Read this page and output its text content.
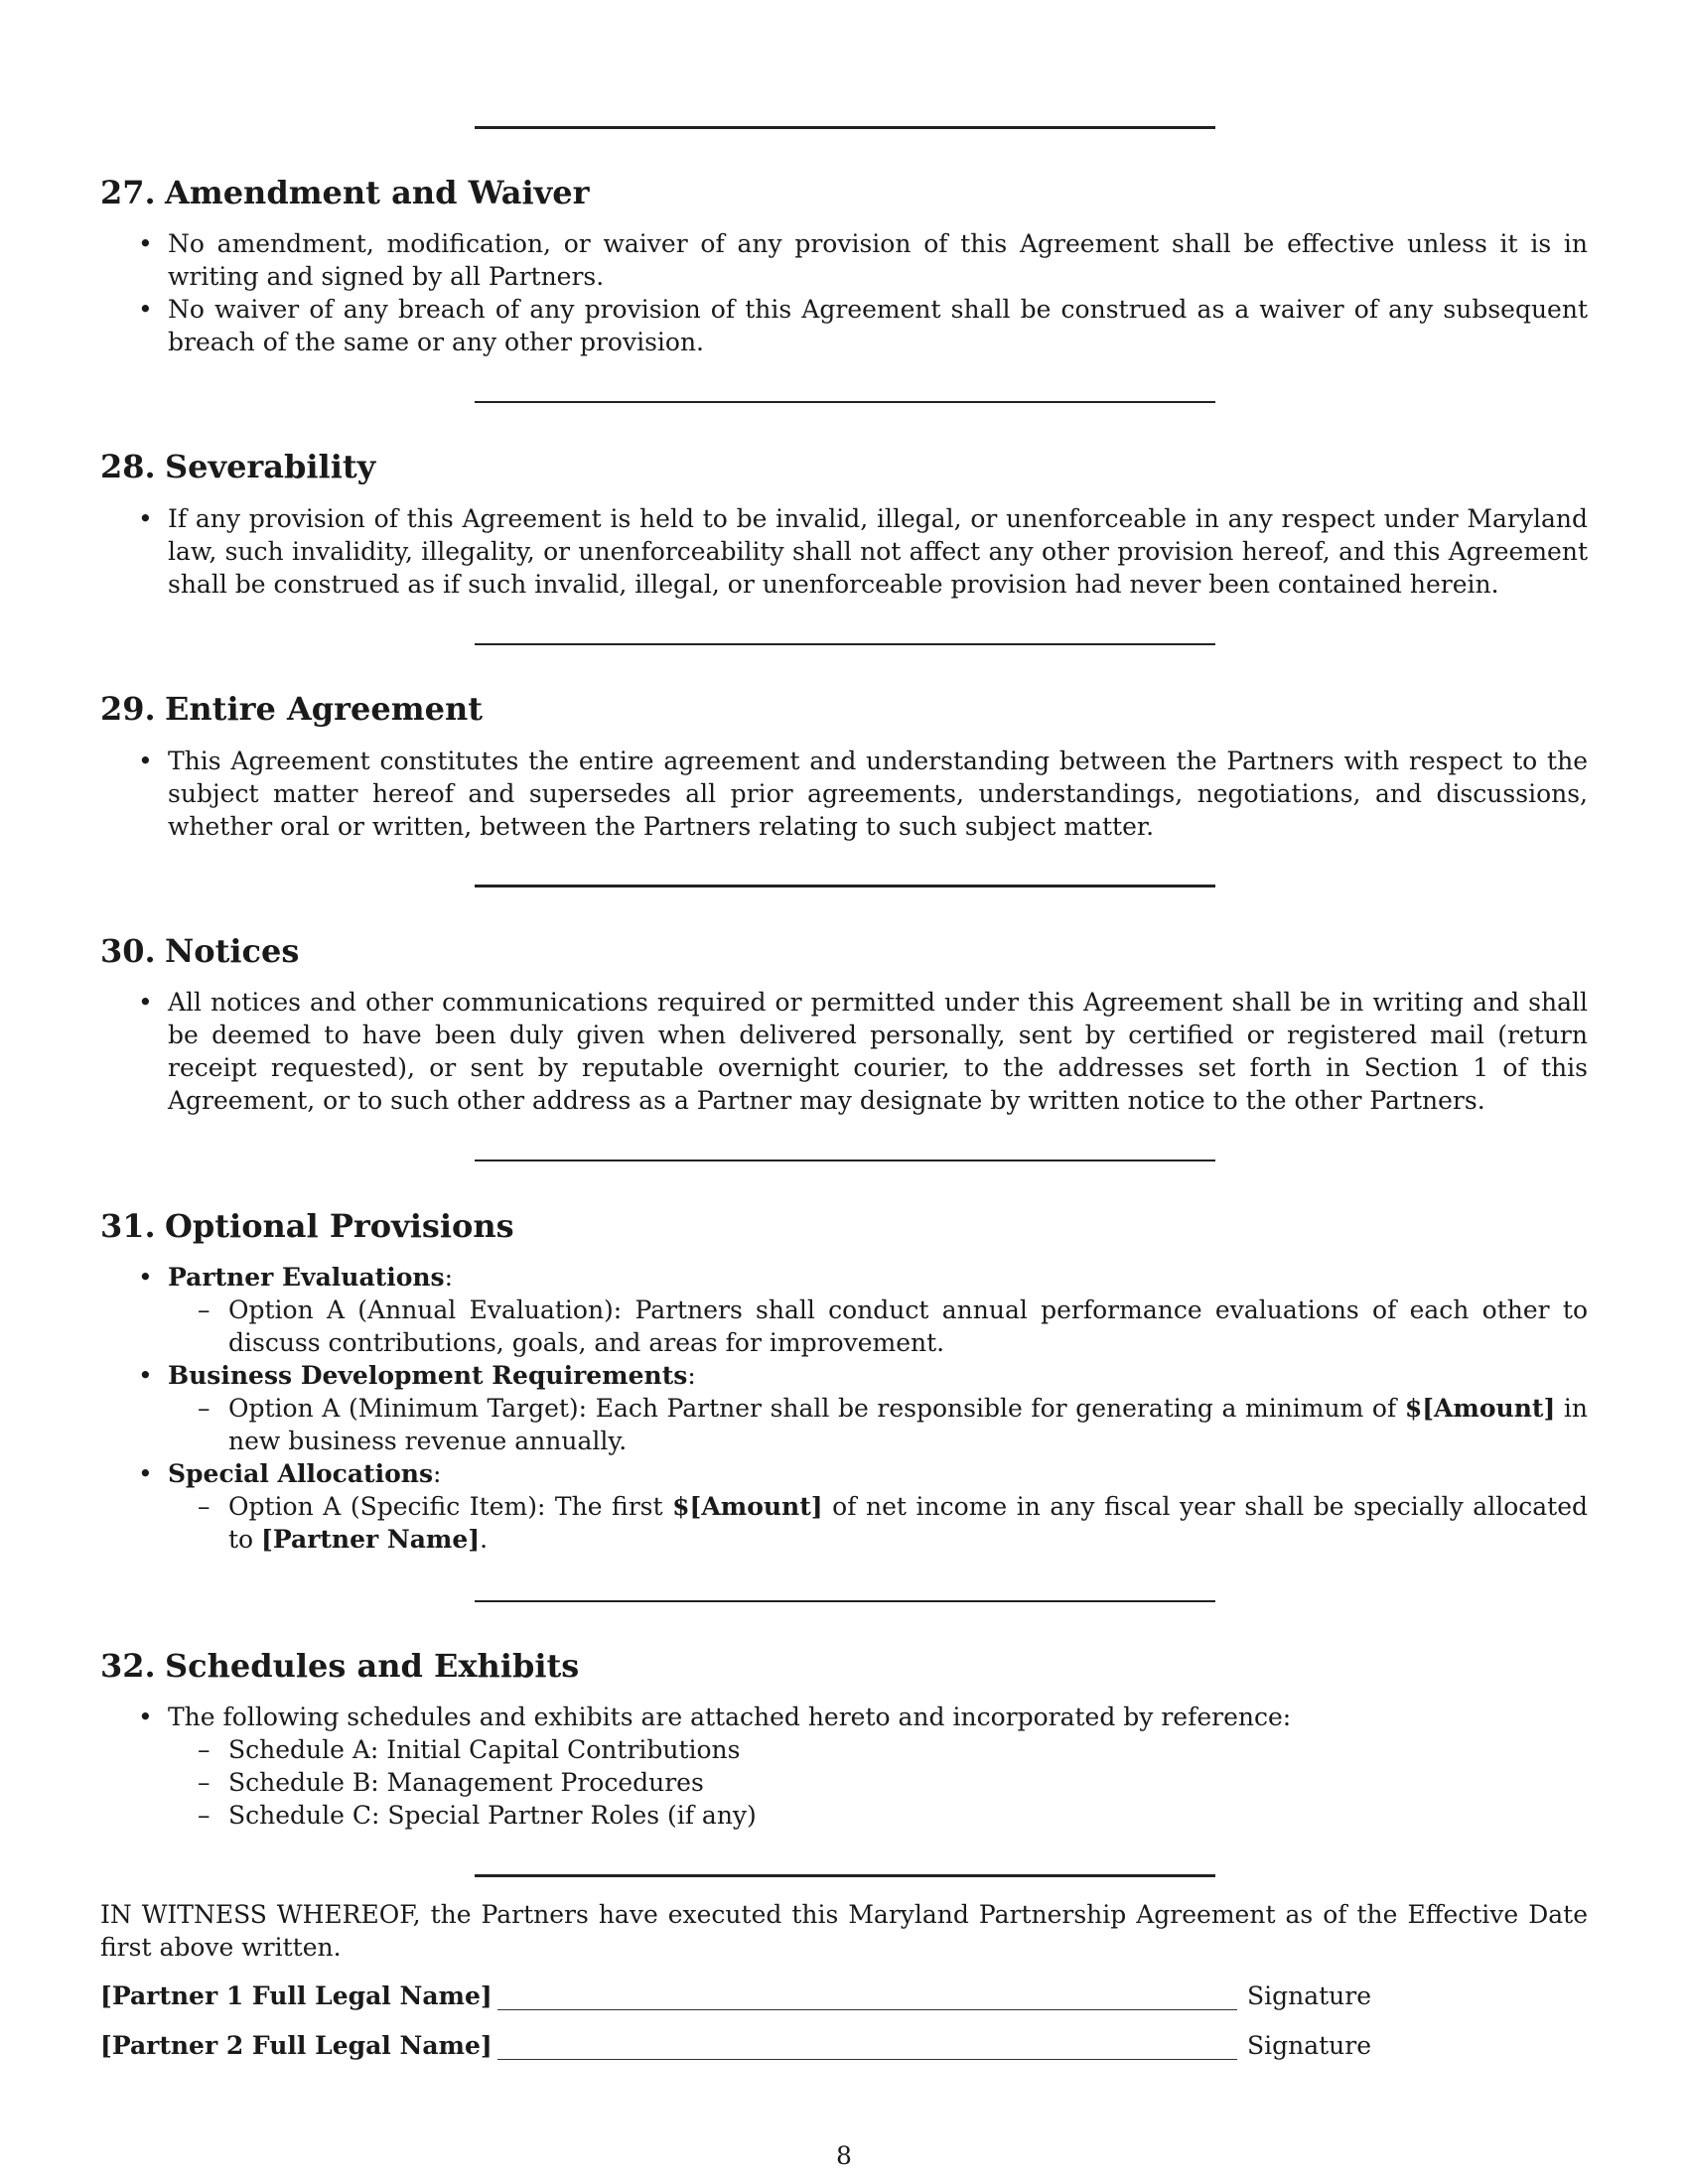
27. Amendment and Waiver
• No amendment, modification, or waiver of any provision of this Agreement shall be effective unless it is in writing and signed by all Partners.
• No waiver of any breach of any provision of this Agreement shall be construed as a waiver of any subsequent breach of the same or any other provision.
28. Severability
• If any provision of this Agreement is held to be invalid, illegal, or unenforceable in any respect under Maryland law, such invalidity, illegality, or unenforceability shall not affect any other provision hereof, and this Agreement shall be construed as if such invalid, illegal, or unenforceable provision had never been contained herein.
29. Entire Agreement
• This Agreement constitutes the entire agreement and understanding between the Partners with respect to the subject matter hereof and supersedes all prior agreements, understandings, negotiations, and discussions, whether oral or written, between the Partners relating to such subject matter.
30. Notices
• All notices and other communications required or permitted under this Agreement shall be in writing and shall be deemed to have been duly given when delivered personally, sent by certified or registered mail (return receipt requested), or sent by reputable overnight courier, to the addresses set forth in Section 1 of this Agreement, or to such other address as a Partner may designate by written notice to the other Partners.
31. Optional Provisions
• Partner Evaluations:
– Option A (Annual Evaluation): Partners shall conduct annual performance evaluations of each other to discuss contributions, goals, and areas for improvement.
• Business Development Requirements:
– Option A (Minimum Target): Each Partner shall be responsible for generating a minimum of $[Amount] in new business revenue annually.
• Special Allocations:
– Option A (Specific Item): The first $[Amount] of net income in any fiscal year shall be specially allocated to [Partner Name].
32. Schedules and Exhibits
• The following schedules and exhibits are attached hereto and incorporated by reference:
– Schedule A: Initial Capital Contributions
– Schedule B: Management Procedures
– Schedule C: Special Partner Roles (if any)
IN WITNESS WHEREOF, the Partners have executed this Maryland Partnership Agreement as of the Effective Date first above written.
[Partner 1 Full Legal Name]	Signature
[Partner 2 Full Legal Name]	Signature
8
